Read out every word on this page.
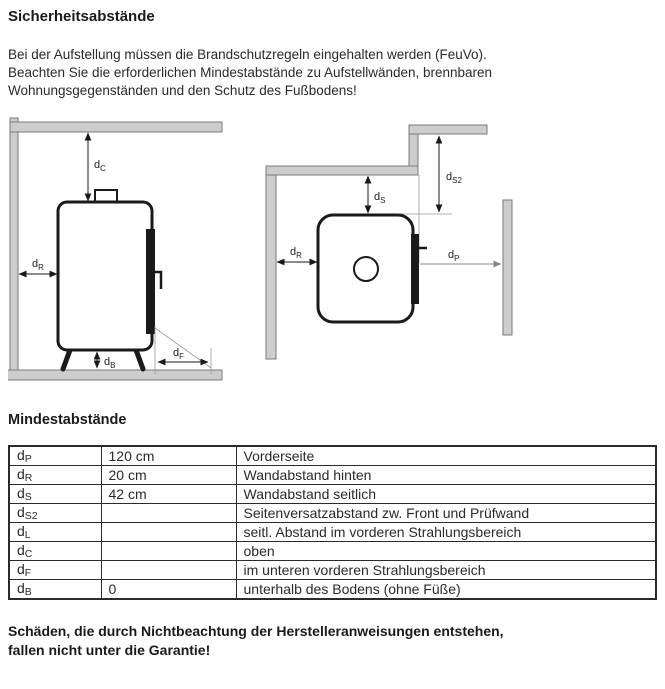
Sicherheitsabstände
Bei der Aufstellung müssen die Brandschutzregeln eingehalten werden (FeuVo).
Beachten Sie die erforderlichen Mindestabstände zu Aufstellwänden, brennbaren
Wohnungsgegenständen und den Schutz des Fußbodens!
$d_C$
$d_R$
$d_B$
$d_F$
$d_S$
$d_{S2}$
$d_R$	$d_P$
Mindestabstände
$d_P$	120 cm	Vorderseite
$d_R$	20 cm	Wandabstand hinten
$d_S$	42 cm	Wandabstand seitlich
$d_{S2}$		Seitenversatzabstand zw. Front und Prüfwand
$d_L$		seitl. Abstand im vorderen Strahlungsbereich
$d_C$		oben
$d_F$		im unteren vorderen Strahlungsbereich
$d_B$	0	unterhalb des Bodens (ohne Füße)
Schäden, die durch Nichtbeachtung der Herstelleranweisungen entstehen,
fallen nicht unter die Garantie!
